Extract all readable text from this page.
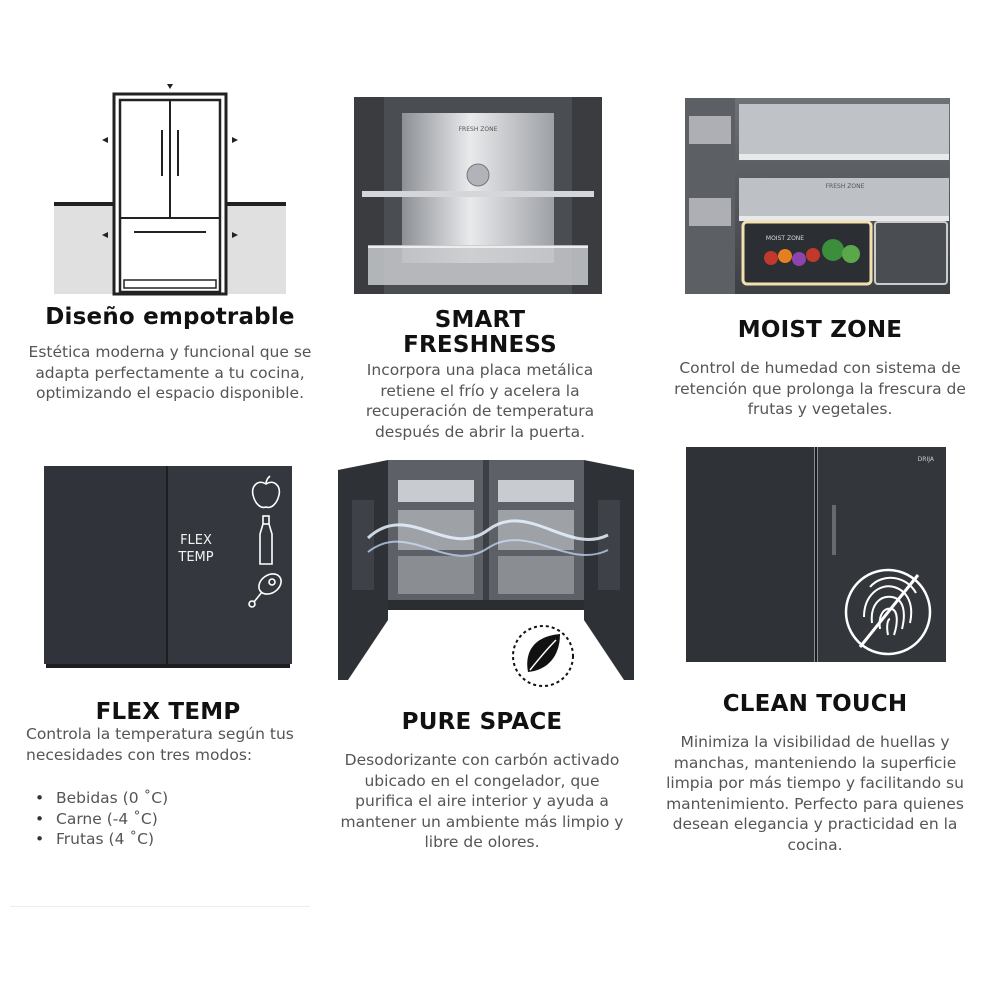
Diseño empotrable

Estética moderna y funcional que se adapta perfectamente a tu cocina, optimizando el espacio disponible.

FRESH ZONE
SMART
FRESHNESS

Incorpora una placa metálica retiene el frío y acelera la recuperación de temperatura después de abrir la puerta.

FRESH ZONE
MOIST ZONE
MOIST ZONE

Control de humedad con sistema de retención que prolonga la frescura de frutas y vegetales.

FLEX
TEMP
FLEX TEMP

Controla la temperatura según tus necesidades con tres modos:

• Bebidas (0 ˚C)
• Carne (-4 ˚C)
• Frutas (4 ˚C)
PURE SPACE

Desodorizante con carbón activado ubicado en el congelador, que purifica el aire interior y ayuda a mantener un ambiente más limpio y libre de olores.

DRIJA
CLEAN TOUCH

Minimiza la visibilidad de huellas y manchas, manteniendo la superficie limpia por más tiempo y facilitando su mantenimiento. Perfecto para quienes desean elegancia y practicidad en la cocina.
